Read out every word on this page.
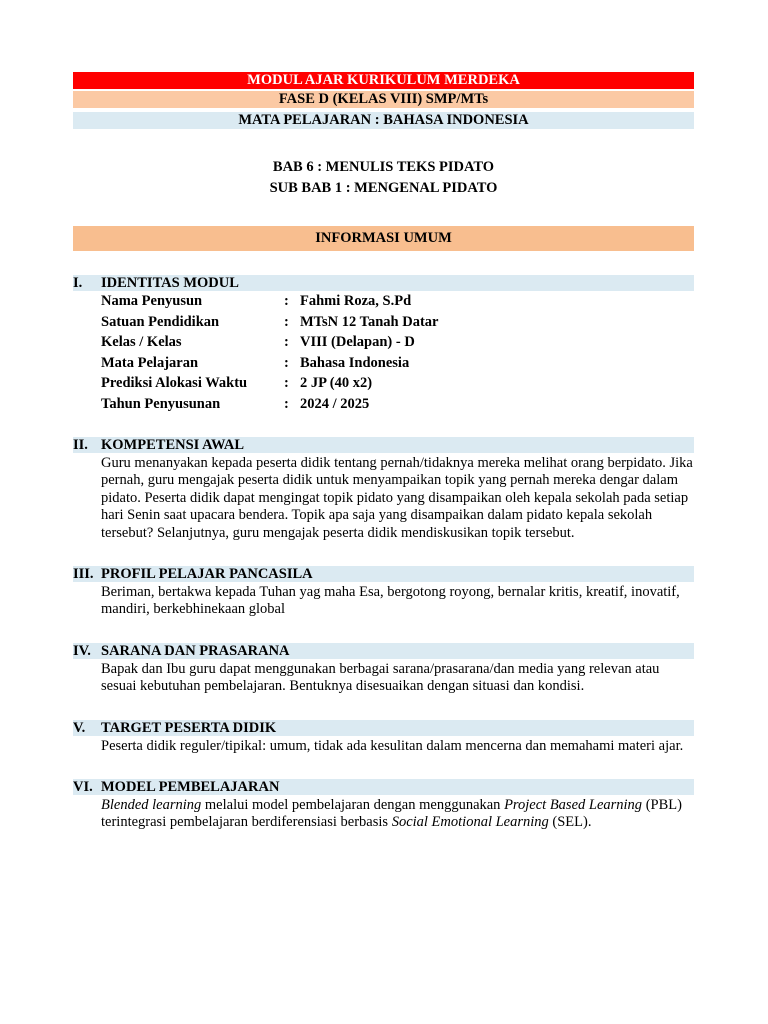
MODUL AJAR KURIKULUM MERDEKA
FASE D (KELAS VIII) SMP/MTs
MATA PELAJARAN : BAHASA INDONESIA
BAB 6 : MENULIS TEKS PIDATO
SUB BAB 1 : MENGENAL PIDATO
INFORMASI UMUM
I.	IDENTITAS MODUL
Nama Penyusun	: Fahmi Roza, S.Pd
Satuan Pendidikan	: MTsN 12 Tanah Datar
Kelas / Kelas	: VIII (Delapan) - D
Mata Pelajaran	: Bahasa Indonesia
Prediksi Alokasi Waktu	: 2 JP (40 x2)
Tahun Penyusunan	: 2024 / 2025
II. KOMPETENSI AWAL
Guru menanyakan kepada peserta didik tentang pernah/tidaknya mereka melihat orang berpidato. Jika pernah, guru mengajak peserta didik untuk menyampaikan topik yang pernah mereka dengar dalam pidato. Peserta didik dapat mengingat topik pidato yang disampaikan oleh kepala sekolah pada setiap hari Senin saat upacara bendera. Topik apa saja yang disampaikan dalam pidato kepala sekolah tersebut? Selanjutnya, guru mengajak peserta didik mendiskusikan topik tersebut.
III. PROFIL PELAJAR PANCASILA
Beriman, bertakwa kepada Tuhan yag maha Esa, bergotong royong, bernalar kritis, kreatif, inovatif, mandiri, berkebhinekaan global
IV. SARANA DAN PRASARANA
Bapak dan Ibu guru dapat menggunakan berbagai sarana/prasarana/dan media yang relevan atau sesuai kebutuhan pembelajaran. Bentuknya disesuaikan dengan situasi dan kondisi.
V.	TARGET PESERTA DIDIK
Peserta didik reguler/tipikal: umum, tidak ada kesulitan dalam mencerna dan memahami materi ajar.
VI. MODEL PEMBELAJARAN
Blended learning melalui model pembelajaran dengan menggunakan Project Based Learning (PBL) terintegrasi pembelajaran berdiferensiasi berbasis Social Emotional Learning (SEL).
